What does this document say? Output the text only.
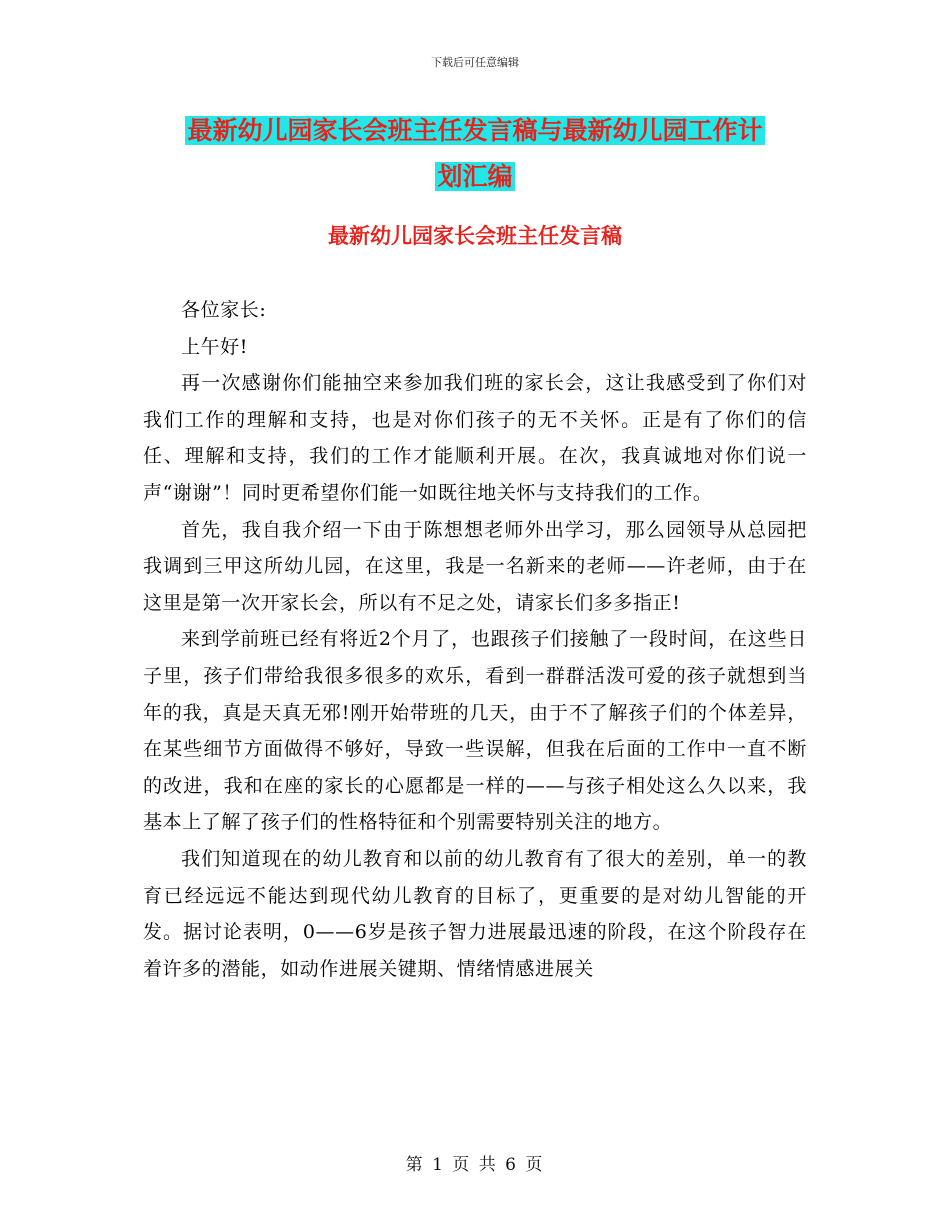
下载后可任意编辑
最新幼儿园家长会班主任发言稿与最新幼儿园工作计
划汇编
最新幼儿园家长会班主任发言稿

各位家长:

上午好!

再一次感谢你们能抽空来参加我们班的家长会，这让我感受到了你们对我们工作的理解和支持，也是对你们孩子的无不关怀。正是有了你们的信任、理解和支持，我们的工作才能顺利开展。在次，我真诚地对你们说一声“谢谢”！同时更希望你们能一如既往地关怀与支持我们的工作。

首先，我自我介绍一下由于陈想想老师外出学习，那么园领导从总园把我调到三甲这所幼儿园，在这里，我是一名新来的老师——许老师，由于在这里是第一次开家长会，所以有不足之处，请家长们多多指正!

来到学前班已经有将近2个月了，也跟孩子们接触了一段时间，在这些日子里，孩子们带给我很多很多的欢乐，看到一群群活泼可爱的孩子就想到当年的我，真是天真无邪!刚开始带班的几天，由于不了解孩子们的个体差异，在某些细节方面做得不够好，导致一些误解，但我在后面的工作中一直不断的改进，我和在座的家长的心愿都是一样的——与孩子相处这么久以来，我基本上了解了孩子们的性格特征和个别需要特别关注的地方。

我们知道现在的幼儿教育和以前的幼儿教育有了很大的差别，单一的教育已经远远不能达到现代幼儿教育的目标了，更重要的是对幼儿智能的开发。据讨论表明，0——6岁是孩子智力进展最迅速的阶段，在这个阶段存在着许多的潜能，如动作进展关键期、情绪情感进展关

第 1 页 共 6 页
